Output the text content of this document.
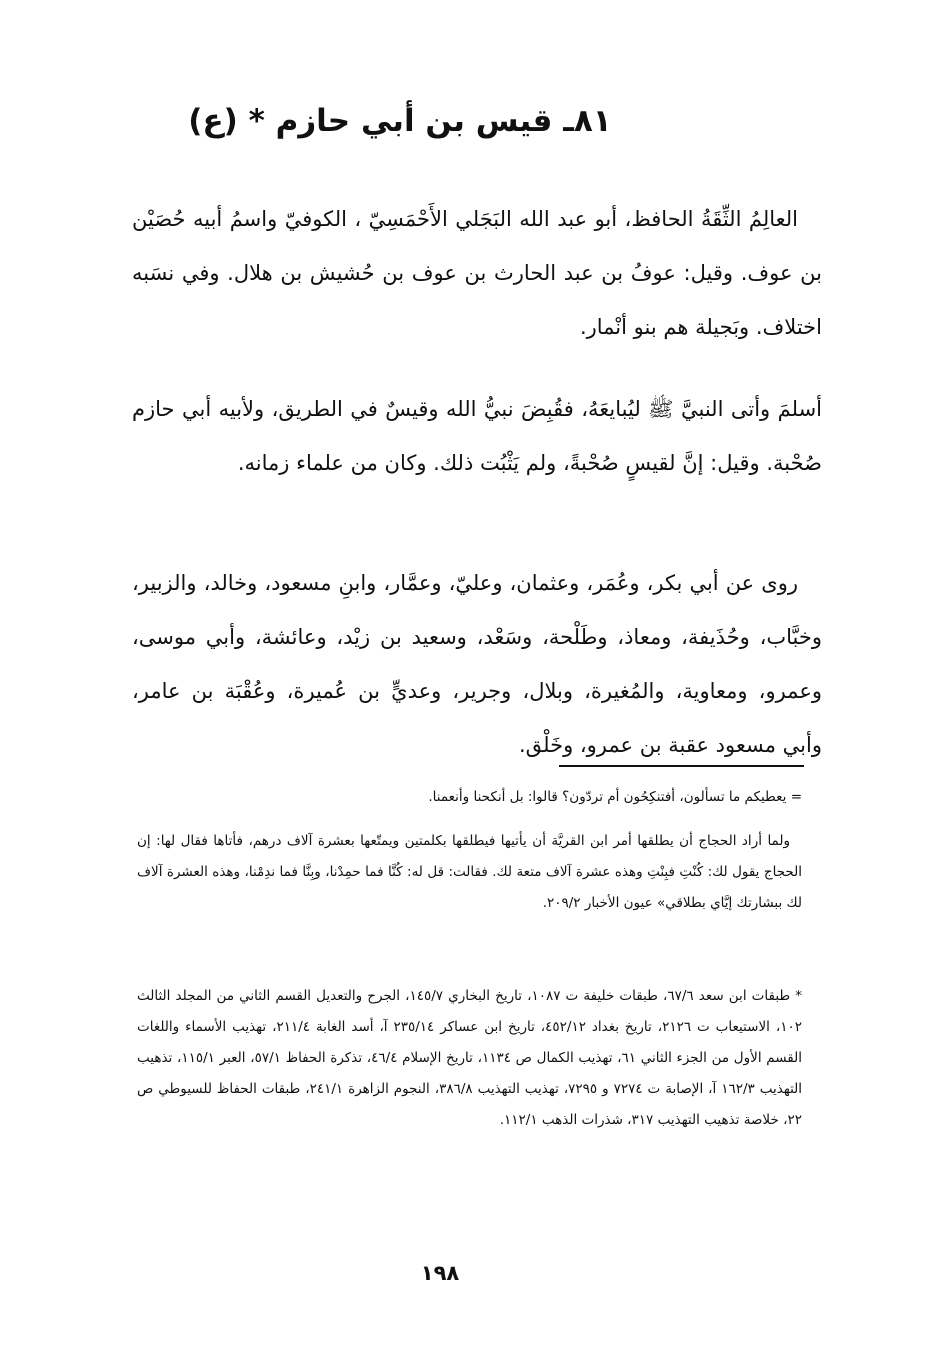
٨١ـ قيس بن أبي حازم * (ع)

العالِمُ الثِّقَةُ الحافظ، أبو عبد الله البَجَلي الأَحْمَسِيّ ، الكوفيّ واسمُ أبيه حُصَيْن بن عوف. وقيل: عوفُ بن عبد الحارث بن عوف بن حُشيش بن هلال. وفي نسَبه اختلاف. وبَجيلة هم بنو أنْمار.

أسلمَ وأتى النبيَّ ﷺ ليُبايعَهُ، فقُبِضَ نبيُّ الله وقيسٌ في الطريق، ولأبيه أبي حازم صُحْبة. وقيل: إنَّ لقيسٍ صُحْبةً، ولم يَثْبُت ذلك. وكان من علماء زمانه.

روى عن أبي بكر، وعُمَر، وعثمان، وعليّ، وعمَّار، وابنِ مسعود، وخالد، والزبير، وخبَّاب، وحُذَيفة، ومعاذ، وطَلْحة، وسَعْد، وسعيد بن زيْد، وعائشة، وأبي موسى، وعمرو، ومعاوية، والمُغيرة، وبلال، وجرير، وعديٍّ بن عُميرة، وعُقْبَة بن عامر، وأبي مسعود عقبة بن عمرو، وخَلْق.

= يعطيكم ما تسألون، أفتنكِحُون أم تردّون؟ قالوا: بل أنكحنا وأنعمنا.

ولما أراد الحجاج أن يطلقها أمر ابن القريَّة أن يأتيها فيطلقها بكلمتين ويمتّعها بعشرة آلاف درهم، فأتاها فقال لها: إن الحجاج يقول لك: كُنْتِ فبِنْتِ وهذه عشرة آلاف متعة لك. فقالت: قل له: كُنَّا فما حمِدْنا، وبِنَّا فما ندِمْنا، وهذه العشرة آلاف لك ببشارتك إيَّاي بطلاقي» عيون الأخبار ٢٠٩/٢.

* طبقات ابن سعد ٦٧/٦، طبقات خليفة ت ١٠٨٧، تاريخ البخاري ١٤٥/٧، الجرح والتعديل القسم الثاني من المجلد الثالث ١٠٢، الاستيعاب ت ٢١٢٦، تاريخ بغداد ٤٥٢/١٢، تاريخ ابن عساكر ٢٣٥/١٤ آ، أسد الغابة ٢١١/٤، تهذيب الأسماء واللغات القسم الأول من الجزء الثاني ٦١، تهذيب الكمال ص ١١٣٤، تاريخ الإسلام ٤٦/٤، تذكرة الحفاظ ٥٧/١، العبر ١١٥/١، تذهيب التهذيب ١٦٢/٣ آ، الإصابة ت ٧٢٧٤ و ٧٢٩٥، تهذيب التهذيب ٣٨٦/٨، النجوم الزاهرة ٢٤١/١، طبقات الحفاظ للسيوطي ص ٢٢، خلاصة تذهيب التهذيب ٣١٧، شذرات الذهب ١١٢/١.

١٩٨
